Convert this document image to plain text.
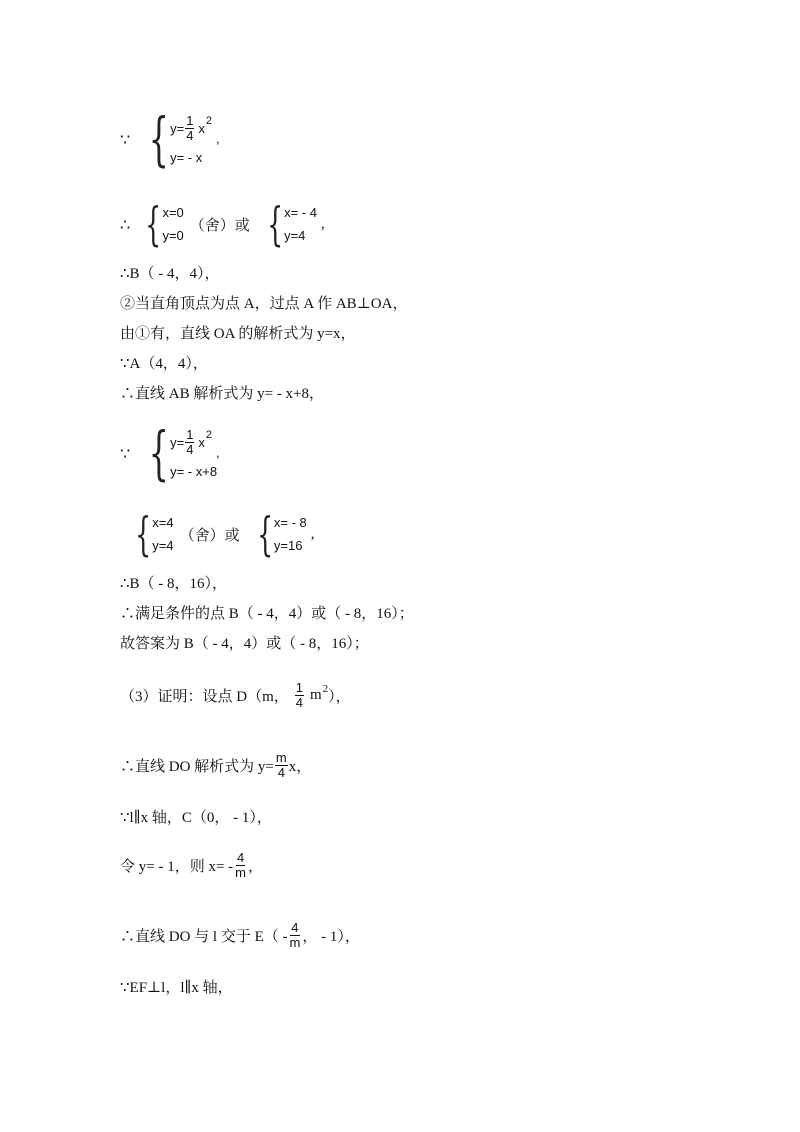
∵ { $y= \frac{1}{4}$ x 2
,
y= - x
∴ { x=0
y=0
（舍）或 { x= - 4
y=4
,
∴B（ - 4，4），
②当直角顶点为点 A，过点 A 作 AB⊥OA，
由①有，直线 OA 的解析式为 y=x，
∵A（4，4），
∴直线 AB 解析式为 y= - x+8，
∵ { $y= \frac{1}{4}$ x 2
,
y= - x+8
{ x=4
y=4
（舍）或 { x= - 8
y=16
,
∴B（ - 8，16），
∴满足条件的点 B（ - 4，4）或（ - 8，16）；
故答案为 B（ - 4，4）或（ - 8，16）；
（3）证明：设点 D（m， $\frac{1}{4}$ m 2 ），
∴直线 DO 解析式为 $y= \frac{m}{4}$ x，
∵l∥x 轴，C（0， - 1），
令 y= - 1，则 $x= - \frac{4}{m}$ ，
∴直线 DO 与 l 交于 $E( - \frac{4}{m}$ ， - 1），
∵EF⊥l，l∥x 轴，
